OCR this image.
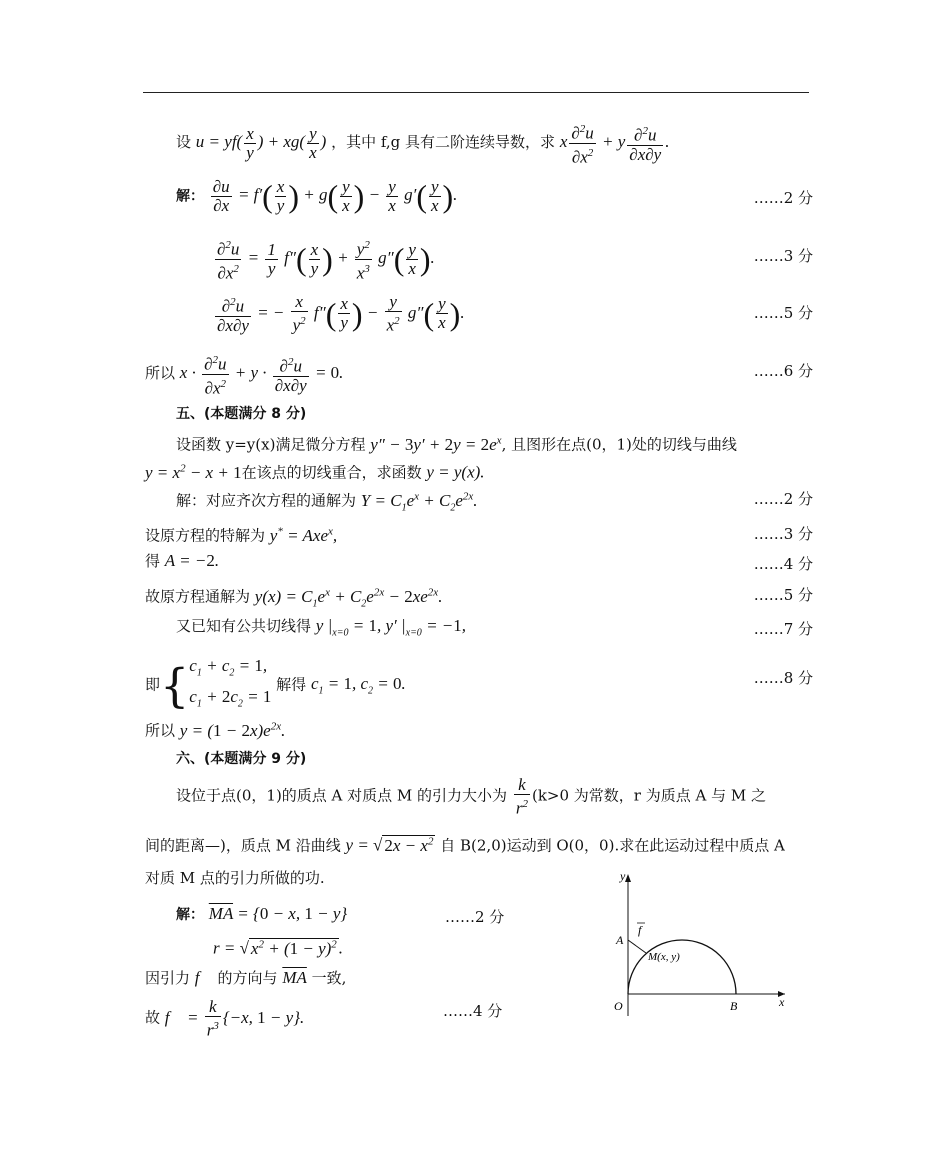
设 $u = yf( \frac{x}{y}$ ) + $xg( \frac{y}{x}$ ) ，其中 f,g 具有二阶连续导数，求 x $\frac{\partial^2u}{\partial x^2} + y \frac{\partial^2u}{\partial x\partial y}$ .
解： $\frac{\partial u}{\partial x} = f'( \frac{x}{y}$ ) + $g( \frac{y}{x}$ ) − $\frac{y}{x} g'( \frac{y}{x}$ ).	……2 分
$\frac{\partial^2u}{\partial x^2} = \frac{1}{y} f''( \frac{x}{y}$ ) + $\frac{y^2}{x^3} g''( \frac{y}{x}$ ).	……3 分
$\frac{\partial^2u}{\partial x\partial y}$ = − $\frac{x}{y^2} f''( \frac{x}{y}$ ) − $\frac{y}{x^2} g''( \frac{y}{x}$ ).	……5 分
所以 $x \cdot \frac{\partial^2u}{\partial x^2} + y \cdot \frac{\partial^2u}{\partial x\partial y} = 0$.	……6 分
五、(本题满分 8 分)
设函数 y=y(x)满足微分方程 $y'' - 3y' + 2y = 2e^x$, 且图形在点(0，1)处的切线与曲线
$y = x^2 - x + 1$在该点的切线重合，求函数 y = y(x).
解：对应齐次方程的通解为 $Y = C_1e^x + C_2e^{2x}$.	……2 分
设原方程的特解为 y* = Axe$^x$,	……3 分
得 A = −2.	……4 分
故原方程通解为 $y(x) = C_1e^x + C_2e^{2x} - 2xe^{2x}$.	……5 分
又已知有公共切线得 y $|_{x=0} = 1$, y′ $|_{x=0} = -1$,	……7 分
即{$c_1 + c_2 = 1$,
$c_1 + 2c_2 = 1$ 解得 $c_1 = 1$, $c_2 = 0$.	……8 分
所以 $y = (1 - 2x)e^{2x}$.
六、(本题满分 9 分)
设位于点(0，1)的质点 A 对质点 M 的引力大小为 $\frac{k}{r^2} (k>0$ 为常数，r 为质点 A 与 M 之
间的距离—)，质点 M 沿曲线 y = √ $2x - x^2$ 自 B(2,0)运动到 O(0，0).求在此运动过程中质点 A
对质 M 点的引力所做的功.
解： $\overline{MA} = \{0 - x$, 1 − y}	……2 分
r = √ $x^2 + (1 - y)^2$ .
因引力 f⃗ 的方向与 $\overline{MA}$ 一致,
故 f⃗ = $\frac{k}{r^3} \{-x$, 1 − y}.	……4 分
y
x
O
A
B
f
M(x, y)
